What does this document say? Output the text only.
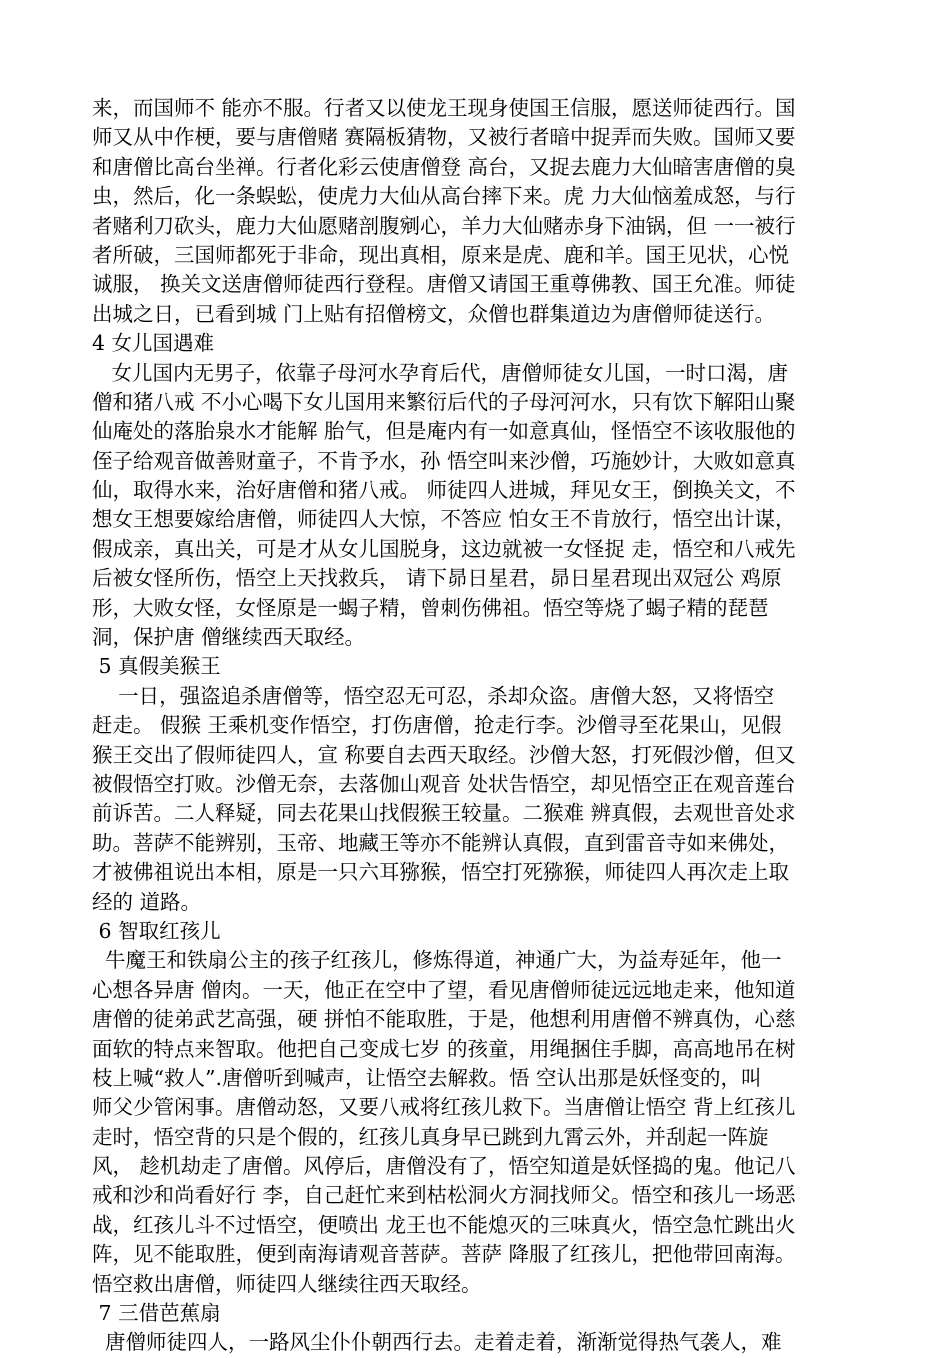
来，而国师不 能亦不服。行者又以使龙王现身使国王信服，愿送师徒西行。国
师又从中作梗，要与唐僧赌 赛隔板猜物，又被行者暗中捉弄而失败。国师又要
和唐僧比高台坐禅。行者化彩云使唐僧登 高台，又捉去鹿力大仙暗害唐僧的臭
虫，然后，化一条蜈蚣，使虎力大仙从高台摔下来。虎 力大仙恼羞成怒，与行
者赌利刀砍头，鹿力大仙愿赌剖腹剜心，羊力大仙赌赤身下油锅，但 一一被行
者所破，三国师都死于非命，现出真相，原来是虎、鹿和羊。国王见状，心悦
诚服， 换关文送唐僧师徒西行登程。唐僧又请国王重尊佛教、国王允准。师徒
出城之日，已看到城 门上贴有招僧榜文，众僧也群集道边为唐僧师徒送行。
4 女儿国遇难
女儿国内无男子，依靠子母河水孕育后代，唐僧师徒女儿国，一时口渴，唐
僧和猪八戒 不小心喝下女儿国用来繁衍后代的子母河河水，只有饮下解阳山聚
仙庵处的落胎泉水才能解 胎气，但是庵内有一如意真仙，怪悟空不该收服他的
侄子给观音做善财童子，不肯予水，孙 悟空叫来沙僧，巧施妙计，大败如意真
仙，取得水来，治好唐僧和猪八戒。 师徒四人进城，拜见女王，倒换关文，不
想女王想要嫁给唐僧，师徒四人大惊，不答应 怕女王不肯放行，悟空出计谋，
假成亲，真出关，可是才从女儿国脱身，这边就被一女怪捉 走，悟空和八戒先
后被女怪所伤，悟空上天找救兵， 请下昴日星君，昴日星君现出双冠公 鸡原
形，大败女怪，女怪原是一蝎子精，曾刺伤佛祖。悟空等烧了蝎子精的琵琶
洞，保护唐 僧继续西天取经。
5 真假美猴王
一日，强盗追杀唐僧等，悟空忍无可忍，杀却众盗。唐僧大怒，又将悟空
赶走。 假猴 王乘机变作悟空，打伤唐僧，抢走行李。沙僧寻至花果山，见假
猴王交出了假师徒四人，宣 称要自去西天取经。沙僧大怒，打死假沙僧，但又
被假悟空打败。沙僧无奈，去落伽山观音 处状告悟空，却见悟空正在观音莲台
前诉苦。二人释疑，同去花果山找假猴王较量。二猴难 辨真假，去观世音处求
助。菩萨不能辨别，玉帝、地藏王等亦不能辨认真假，直到雷音寺如来佛处，
才被佛祖说出本相，原是一只六耳猕猴，悟空打死猕猴，师徒四人再次走上取
经的 道路。
6 智取红孩儿
牛魔王和铁扇公主的孩子红孩儿，修炼得道，神通广大，为益寿延年，他一
心想各异唐 僧肉。一天，他正在空中了望，看见唐僧师徒远远地走来，他知道
唐僧的徒弟武艺高强，硬 拼怕不能取胜，于是，他想利用唐僧不辨真伪，心慈
面软的特点来智取。他把自己变成七岁 的孩童，用绳捆住手脚，高高地吊在树
枝上喊“救人”.唐僧听到喊声，让悟空去解救。悟 空认出那是妖怪变的，叫
师父少管闲事。唐僧动怒，又要八戒将红孩儿救下。当唐僧让悟空 背上红孩儿
走时，悟空背的只是个假的，红孩儿真身早已跳到九霄云外，并刮起一阵旋
风， 趁机劫走了唐僧。风停后，唐僧没有了，悟空知道是妖怪捣的鬼。他记八
戒和沙和尚看好行 李，自己赶忙来到枯松洞火方洞找师父。悟空和孩儿一场恶
战，红孩儿斗不过悟空，便喷出 龙王也不能熄灭的三味真火，悟空急忙跳出火
阵，见不能取胜，便到南海请观音菩萨。菩萨 降服了红孩儿，把他带回南海。
悟空救出唐僧，师徒四人继续往西天取经。
7 三借芭蕉扇
唐僧师徒四人，一路风尘仆仆朝西行去。走着走着，渐渐觉得热气袭人，难
